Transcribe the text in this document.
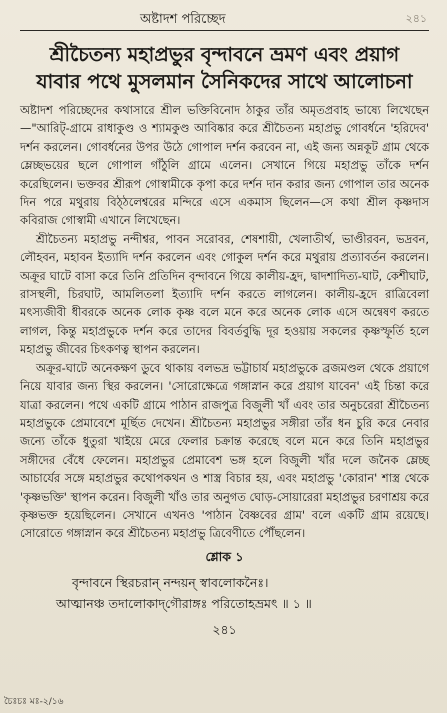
অষ্টাদশ পরিচ্ছেদ	২৪১
শ্রীচৈতন্য মহাপ্রভুর বৃন্দাবনে ভ্রমণ এবং প্রয়াগ
যাবার পথে মুসলমান সৈনিকদের সাথে আলোচনা

অষ্টাদশ পরিচ্ছেদের কথাসারে শ্রীল ভক্তিবিনোদ ঠাকুর তাঁর অমৃতপ্রবাহ ভাষ্যে লিখেছেন—"আরিট্-গ্রামে রাধাকুণ্ড ও শ্যামকুণ্ড আবিষ্কার করে শ্রীচৈতন্য মহাপ্রভু গোবর্ধনে 'হরিদেব' দর্শন করলেন। গোবর্ধনের উপর উঠে গোপাল দর্শন করবেন না, এই জন্য অন্নকূট গ্রাম থেকে ম্লেচ্ছভয়ের ছলে গোপাল গাঁঠুলি গ্রামে এলেন। সেখানে গিয়ে মহাপ্রভু তাঁকে দর্শন করেছিলেন। ভক্তবর শ্রীরূপ গোস্বামীকে কৃপা করে দর্শন দান করার জন্য গোপাল তার অনেক দিন পরে মথুরায় বিঠ্ঠলেশ্বরের মন্দিরে এসে একমাস ছিলেন—সে কথা শ্রীল কৃষ্ণদাস কবিরাজ গোস্বামী এখানে লিখেছেন।

শ্রীচৈতন্য মহাপ্রভু নন্দীশ্বর, পাবন সরোবর, শেষশায়ী, খেলাতীর্থ, ভাণ্ডীরবন, ভদ্রবন, লৌহবন, মহাবন ইত্যাদি দর্শন করলেন এবং গোকুল দর্শন করে মথুরায় প্রত্যাবর্তন করলেন। অক্রূর ঘাটে বাসা করে তিনি প্রতিদিন বৃন্দাবনে গিয়ে কালীয়-হ্রদ, দ্বাদশাদিত্য-ঘাট, কেশীঘাট, রাসস্থলী, চিরঘাট, আমলিতলা ইত্যাদি দর্শন করতে লাগলেন। কালীয়-হ্রদে রাত্রিবেলা মৎস্যজীবী ধীবরকে অনেক লোক কৃষ্ণ বলে মনে করে অনেক লোক এসে অন্বেষণ করতে লাগল, কিন্তু মহাপ্রভুকে দর্শন করে তাদের বিবর্তবুদ্ধি দূর হওয়ায় সকলের কৃষ্ণস্ফূর্তি হলে মহাপ্রভু জীবের চিৎকণত্ব স্থাপন করলেন।

অক্রূর-ঘাটে অনেকক্ষণ ডুবে থাকায় বলভদ্র ভট্টাচার্য মহাপ্রভুকে ব্রজমণ্ডল থেকে প্রয়াগে নিয়ে যাবার জন্য স্থির করলেন। 'সোরোক্ষেত্রে গঙ্গাস্নান করে প্রয়াগ যাবেন' এই চিন্তা করে যাত্রা করলেন। পথে একটি গ্রামে পাঠান রাজপুত্র বিজুলী খাঁ এবং তার অনুচরেরা শ্রীচৈতন্য মহাপ্রভুকে প্রেমাবেশে মূর্ছিত দেখেন। শ্রীচৈতন্য মহাপ্রভুর সঙ্গীরা তাঁর ধন চুরি করে নেবার জন্যে তাঁকে ধুতুরা খাইয়ে মেরে ফেলার চক্রান্ত করেছে বলে মনে করে তিনি মহাপ্রভুর সঙ্গীদের বেঁধে ফেলেন। মহাপ্রভুর প্রেমাবেশ ভঙ্গ হলে বিজুলী খাঁর দলে জনৈক ম্লেচ্ছ আচার্যের সঙ্গে মহাপ্রভুর কথোপকথন ও শাস্ত্র বিচার হয়, এবং মহাপ্রভু 'কোরান' শাস্ত্র থেকে 'কৃষ্ণভক্তি' স্থাপন করেন। বিজুলী খাঁও তার অনুগত ঘোড়-সোয়ারেরা মহাপ্রভুর চরণাশ্রয় করে কৃষ্ণভক্ত হয়েছিলেন। সেখানে এখনও 'পাঠান বৈষ্ণবের গ্রাম' বলে একটি গ্রাম রয়েছে। সোরোতে গঙ্গাস্নান করে শ্রীচৈতন্য মহাপ্রভু ত্রিবেণীতে পৌঁছলেন।

শ্লোক ১
বৃন্দাবনে স্থিরচরান্‌ নন্দয়ন্‌ স্বাবলোকনৈঃ।
আত্মানঞ্চ তদালোকাদ্‌গৌরাঙ্গঃ পরিতোহভ্রমৎ ॥ ১ ॥
২৪১
চৈঃচঃ মঃ-২/১৬
